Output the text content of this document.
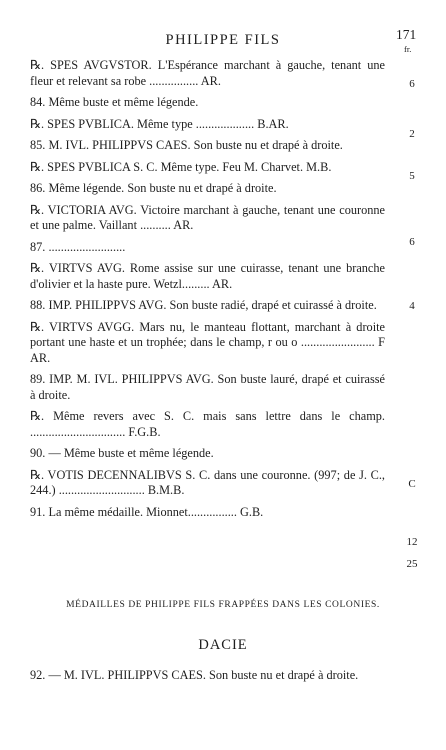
PHILIPPE FILS	171
fr.
℞. SPES AVGVSTOR. L'Espérance marchant à gauche, tenant une fleur et relevant sa robe ................ AR.	6
84. Même buste et même légende.
℞. SPES PVBLICA. Même type ................... B.AR.
2
85. M. IVL. PHILIPPVS CAES. Son buste nu et drapé à droite.
℞. SPES PVBLICA S. C. Même type. Feu M. Charvet. M.B.
5
86. Même légende. Son buste nu et drapé à droite.
℞. VICTORIA AVG. Victoire marchant à gauche, tenant une couronne et une palme. Vaillant .......... AR.
6
87. .........................
℞. VIRTVS AVG. Rome assise sur une cuirasse, tenant une branche d'olivier et la haste pure. Wetzl......... AR.
4
88. IMP. PHILIPPVS AVG. Son buste radié, drapé et cuirassé à droite.
℞. VIRTVS AVGG. Mars nu, le manteau flottant, marchant à droite portant une haste et un trophée; dans le champ, r ou o ........................ F AR.
89. IMP. M. IVL. PHILIPPVS AVG. Son buste lauré, drapé et cuirassé à droite.
℞. Même revers avec S. C. mais sans lettre dans le champ. ............................... F.G.B.
C
90. — Même buste et même légende.
℞. VOTIS DECENNALIBVS S. C. dans une couronne. (997; de J. C., 244.) ............................ B.M.B.
12
91. La même médaille. Mionnet................ G.B.
25
MÉDAILLES DE PHILIPPE FILS FRAPPÉES DANS LES COLONIES.
DACIE
92. — M. IVL. PHILIPPVS CAES. Son buste nu et drapé à droite.
